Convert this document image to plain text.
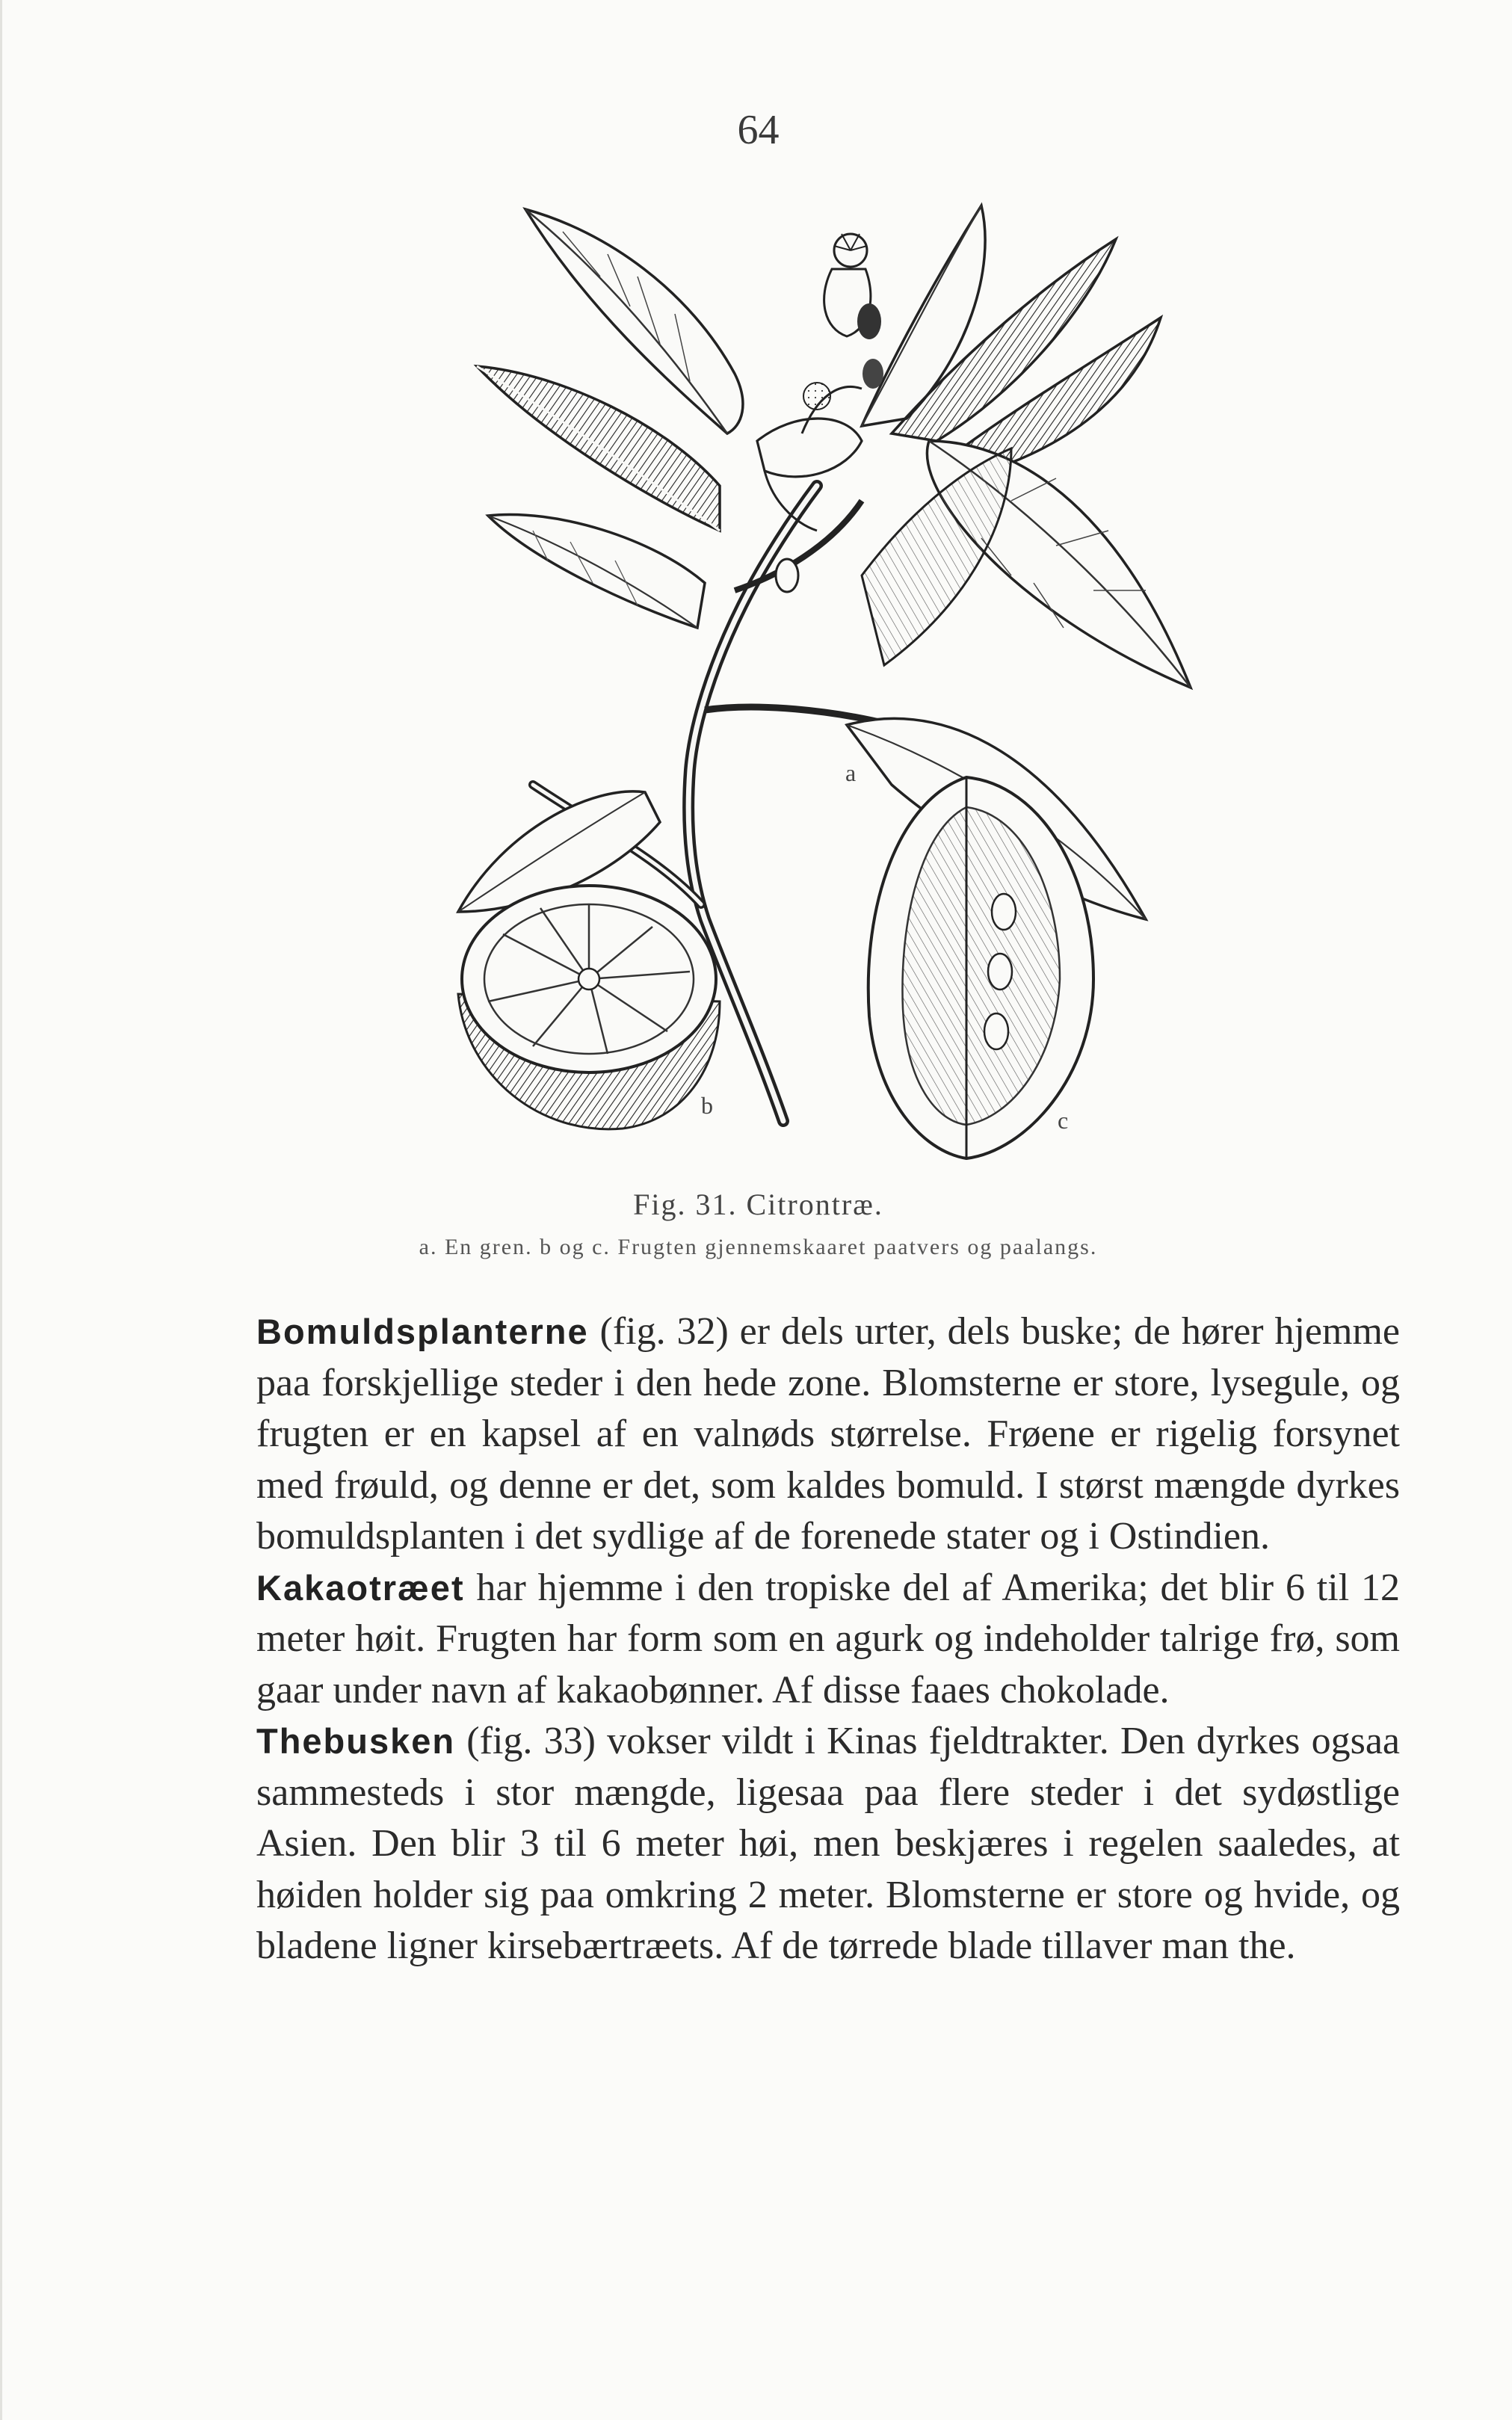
64
a
b
c
Fig. 31. Citrontræ.
a. En gren. b og c. Frugten gjennemskaaret paatvers og paalangs.

Bomuldsplanterne (fig. 32) er dels urter, dels buske; de hører hjemme paa forskjellige steder i den hede zone. Blomsterne er store, lysegule, og frugten er en kapsel af en valnøds størrelse. Frøene er rigelig forsynet med frøuld, og denne er det, som kaldes bomuld. I størst mængde dyrkes bomuldsplanten i det sydlige af de forenede stater og i Ostindien.

Kakaotræet har hjemme i den tropiske del af Amerika; det blir 6 til 12 meter høit. Frugten har form som en agurk og indeholder talrige frø, som gaar under navn af kakaobønner. Af disse faaes chokolade.

Thebusken (fig. 33) vokser vildt i Kinas fjeldtrakter. Den dyrkes ogsaa sammesteds i stor mængde, ligesaa paa flere steder i det sydøstlige Asien. Den blir 3 til 6 meter høi, men beskjæres i regelen saaledes, at høiden holder sig paa omkring 2 meter. Blomsterne er store og hvide, og bladene ligner kirsebærtræets. Af de tørrede blade tillaver man the.
